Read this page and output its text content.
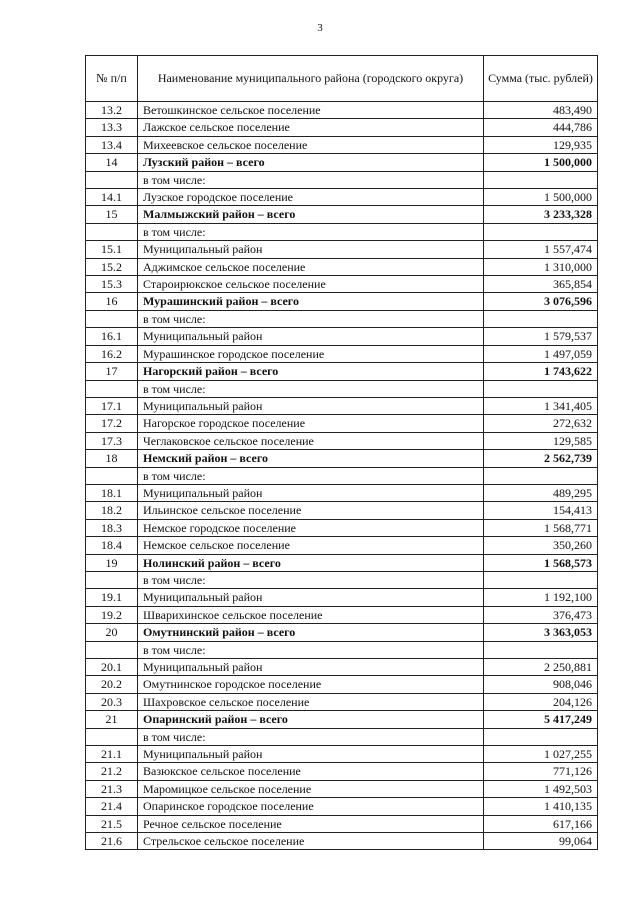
3
№ п/п	Наименование муниципального района (городского округа)	Сумма (тыс. рублей)
13.2	Ветошкинское сельское поселение	483,490
13.3	Лажское сельское поселение	444,786
13.4	Михеевское сельское поселение	129,935
14	Лузский район – всего	1 500,000
	в том числе:	
14.1	Лузское городское поселение	1 500,000
15	Малмыжский район – всего	3 233,328
	в том числе:	
15.1	Муниципальный район	1 557,474
15.2	Аджимское сельское поселение	1 310,000
15.3	Староирюкское сельское поселение	365,854
16	Мурашинский район – всего	3 076,596
	в том числе:	
16.1	Муниципальный район	1 579,537
16.2	Мурашинское городское поселение	1 497,059
17	Нагорский район – всего	1 743,622
	в том числе:	
17.1	Муниципальный район	1 341,405
17.2	Нагорское городское поселение	272,632
17.3	Чеглаковское сельское поселение	129,585
18	Немский район – всего	2 562,739
	в том числе:	
18.1	Муниципальный район	489,295
18.2	Ильинское сельское поселение	154,413
18.3	Немское городское поселение	1 568,771
18.4	Немское сельское поселение	350,260
19	Нолинский район – всего	1 568,573
	в том числе:	
19.1	Муниципальный район	1 192,100
19.2	Шварихинское сельское поселение	376,473
20	Омутнинский район – всего	3 363,053
	в том числе:	
20.1	Муниципальный район	2 250,881
20.2	Омутнинское городское поселение	908,046
20.3	Шахровское сельское поселение	204,126
21	Опаринский район – всего	5 417,249
	в том числе:	
21.1	Муниципальный район	1 027,255
21.2	Вазюкское сельское поселение	771,126
21.3	Маромицкое сельское поселение	1 492,503
21.4	Опаринское городское поселение	1 410,135
21.5	Речное сельское поселение	617,166
21.6	Стрельское сельское поселение	99,064
